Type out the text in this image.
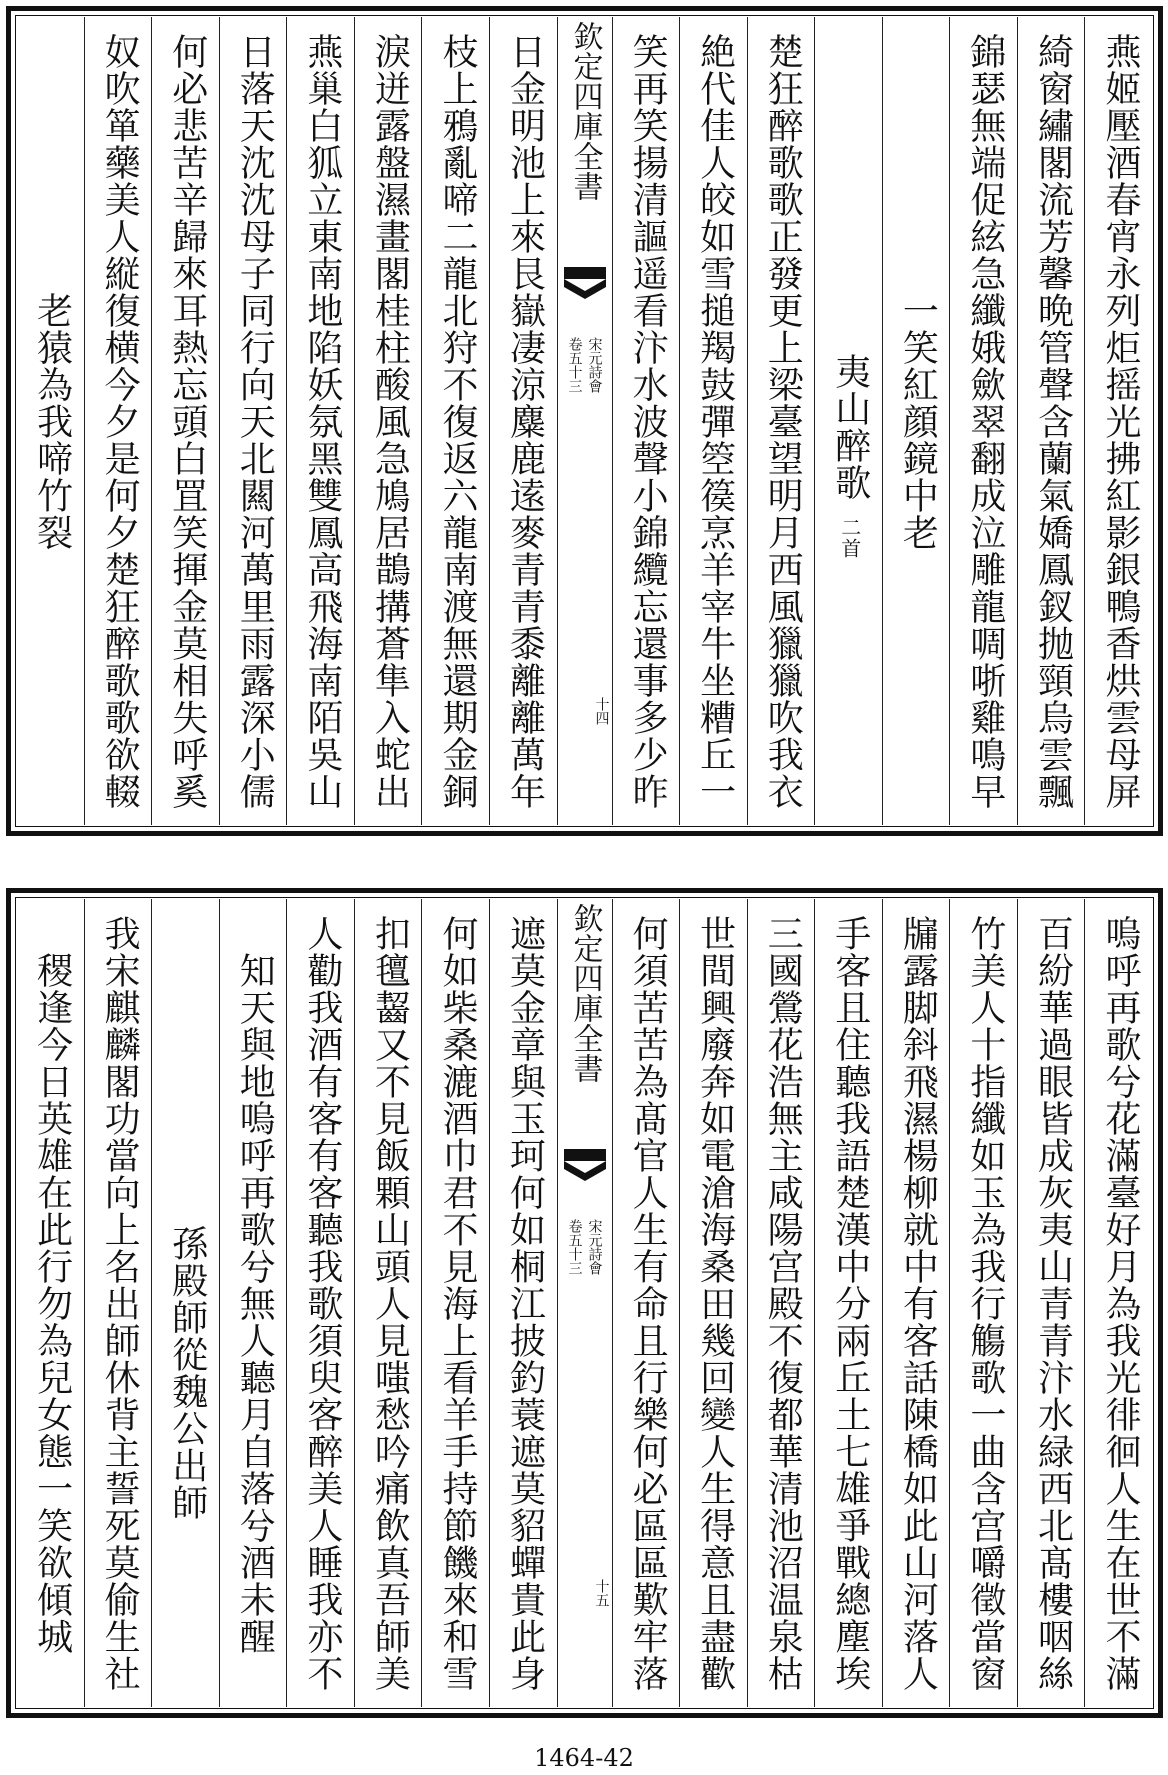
燕姬壓酒春宵永列炬摇光拂紅影銀鴨香烘雲母屏
綺窗繡閣流芳馨晩管聲含蘭氣嬌鳳釵抛頸烏雲飄
錦瑟無端促絃急纖娥歛翠翻成泣雕龍啁哳雞鳴早
一笑紅顔鏡中老
夷山醉歌
二首
楚狂醉歌歌正發更上梁臺望明月西風獵獵吹我衣
絶代佳人皎如雪搥羯鼓彈箜篌烹羊宰牛坐糟丘一
笑再笑揚清謳遥看汴水波聲小錦纜忘還事多少昨
欽定四庫全書
宋元詩會
卷五十三
十四
日金明池上來艮嶽凄涼麋鹿逺麥青青黍離離萬年
枝上鴉亂啼二龍北狩不復返六龍南渡無還期金銅
淚迸露盤濕畫閣桂柱酸風急鳩居鵲搆蒼隼入蛇出
燕巢白狐立東南地陷妖氛黑雙鳳高飛海南陌吳山
日落天沈沈母子同行向天北闗河萬里雨露深小儒
何必悲苦辛歸來耳熱忘頭白罝笑揮金莫相失呼奚
奴吹箪藥美人縦復横今夕是何夕楚狂醉歌歌欲輟
老猿為我啼竹裂
嗚呼再歌兮花滿臺好月為我光徘徊人生在世不滿
百紛華過眼皆成灰夷山青青汴水緑西北髙樓咽絲
竹美人十指纖如玉為我行觴歌一曲含宫嚼徵當窗
牖露脚斜飛濕楊柳就中有客話陳橋如此山河落人
手客且住聽我語楚漢中分兩丘土七雄爭戰總塵埃
三國鶯花浩無主咸陽宫殿不復都華清池沼温泉枯
世間興廢奔如電滄海桑田幾回變人生得意且盡歡
何須苦苦為髙官人生有命且行樂何必區區歎牢落
欽定四庫全書
宋元詩會
卷五十三
十五
遮莫金章與玉珂何如桐江披釣蓑遮莫貂蟬貴此身
何如柴桑漉酒巾君不見海上看羊手持節饑來和雪
扣氊齧又不見飯顆山頭人見嗤愁吟痛飲真吾師美
人勸我酒有客有客聽我歌須臾客醉美人睡我亦不
知天與地嗚呼再歌兮無人聽月自落兮酒未醒
孫殿師從魏公出師
我宋麒麟閣功當向上名出師休背主誓死莫偷生社
稷逢今日英雄在此行勿為兒女態一笑欲傾城
1464-42
